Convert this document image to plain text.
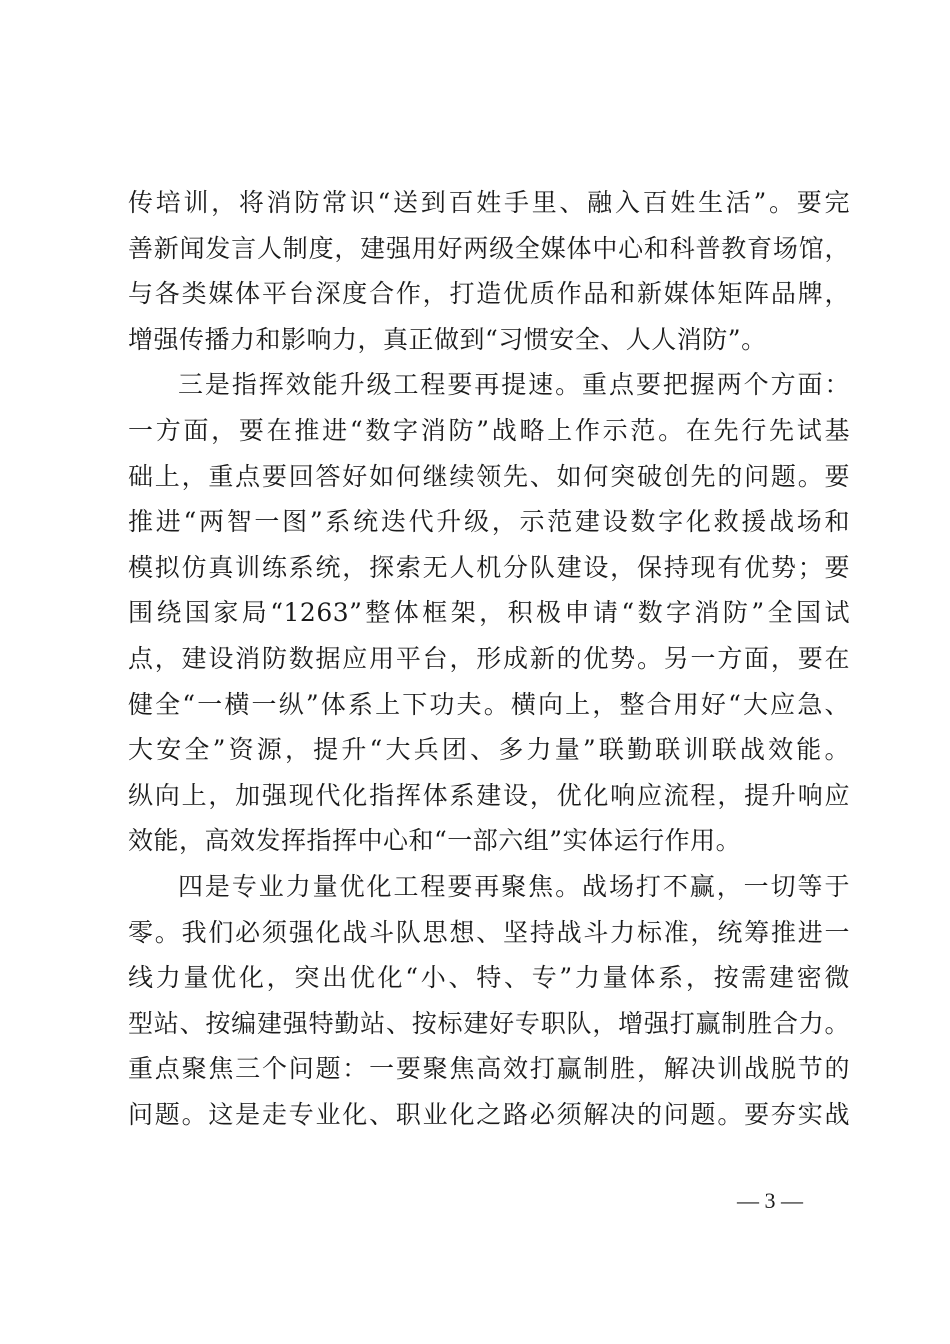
传培训，将消防常识“送到百姓手里、融入百姓生活”。要完
善新闻发言人制度，建强用好两级全媒体中心和科普教育场馆，
与各类媒体平台深度合作，打造优质作品和新媒体矩阵品牌，
增强传播力和影响力，真正做到“习惯安全、人人消防”。
三是指挥效能升级工程要再提速。重点要把握两个方面：
一方面，要在推进“数字消防”战略上作示范。在先行先试基
础上，重点要回答好如何继续领先、如何突破创先的问题。要
推进“两智一图”系统迭代升级，示范建设数字化救援战场和
模拟仿真训练系统，探索无人机分队建设，保持现有优势；要
围绕国家局“1263”整体框架，积极申请“数字消防”全国试
点，建设消防数据应用平台，形成新的优势。另一方面，要在
健全“一横一纵”体系上下功夫。横向上，整合用好“大应急、
大安全”资源，提升“大兵团、多力量”联勤联训联战效能。
纵向上，加强现代化指挥体系建设，优化响应流程，提升响应
效能，高效发挥指挥中心和“一部六组”实体运行作用。
四是专业力量优化工程要再聚焦。战场打不赢，一切等于
零。我们必须强化战斗队思想、坚持战斗力标准，统筹推进一
线力量优化，突出优化“小、特、专”力量体系，按需建密微
型站、按编建强特勤站、按标建好专职队，增强打赢制胜合力。
重点聚焦三个问题：一要聚焦高效打赢制胜，解决训战脱节的
问题。这是走专业化、职业化之路必须解决的问题。要夯实战
— 3 —
